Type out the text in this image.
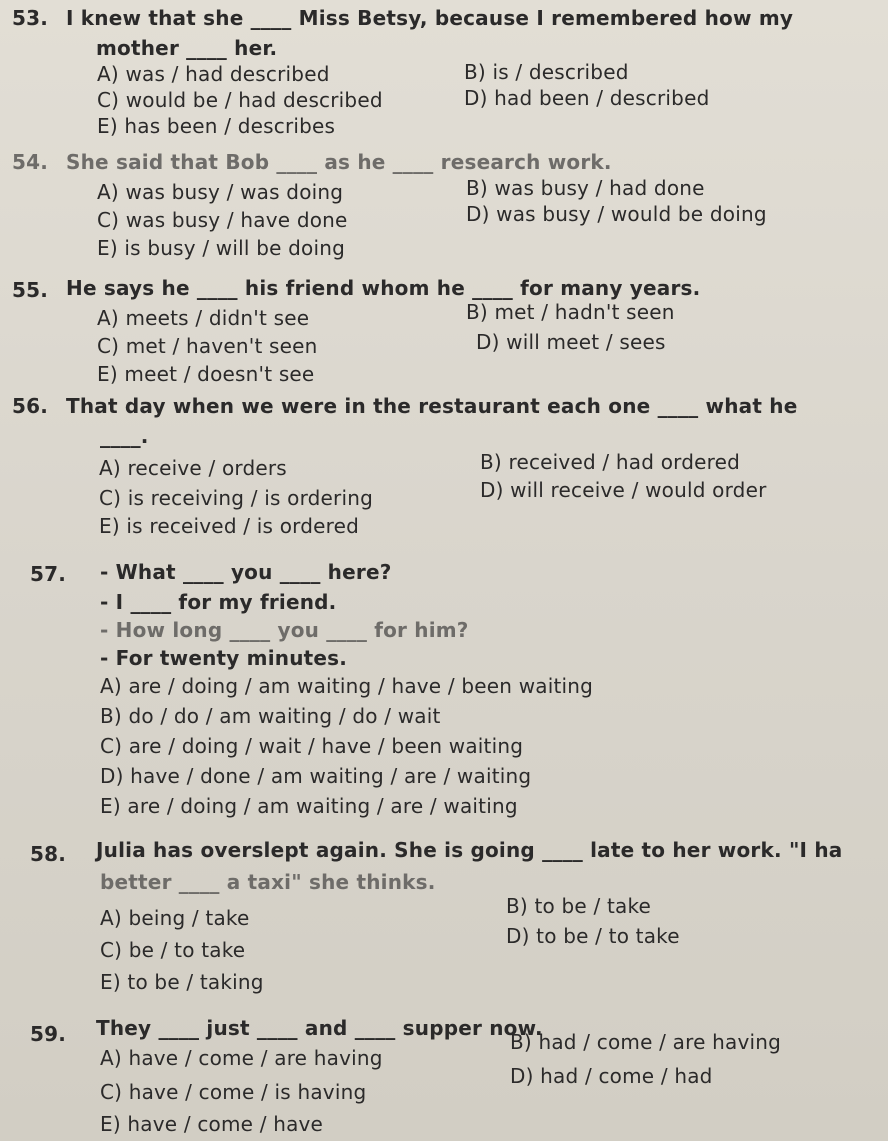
53. I knew that she ____ Miss Betsy, because I remembered how my
mother ____ her.
A) was / had described	B) is / described
C) would be / had described	D) had been / described
E) has been / describes
54. She said that Bob ____ as he ____ research work.
A) was busy / was doing	B) was busy / had done
C) was busy / have done	D) was busy / would be doing
E) is busy / will be doing
55. He says he ____ his friend whom he ____ for many years.
A) meets / didn't see	B) met / hadn't seen
C) met / haven't seen	D) will meet / sees
E) meet / doesn't see
56. That day when we were in the restaurant each one ____ what he
____.
A) receive / orders	B) received / had ordered
C) is receiving / is ordering	D) will receive / would order
E) is received / is ordered
57. - What ____ you ____ here?
- I ____ for my friend.
- How long ____ you ____ for him?
- For twenty minutes.
A) are / doing / am waiting / have / been waiting
B) do / do / am waiting / do / wait
C) are / doing / wait / have / been waiting
D) have / done / am waiting / are / waiting
E) are / doing / am waiting / are / waiting
58. Julia has overslept again. She is going ____ late to her work. "I ha
better ____ a taxi" she thinks.
A) being / take	B) to be / take
C) be / to take
D) to be / to take
E) to be / taking
59. They ____ just ____ and ____ supper now.
A) have / come / are having
B) had / come / are having
C) have / come / is having
D) had / come / had
E) have / come / have
